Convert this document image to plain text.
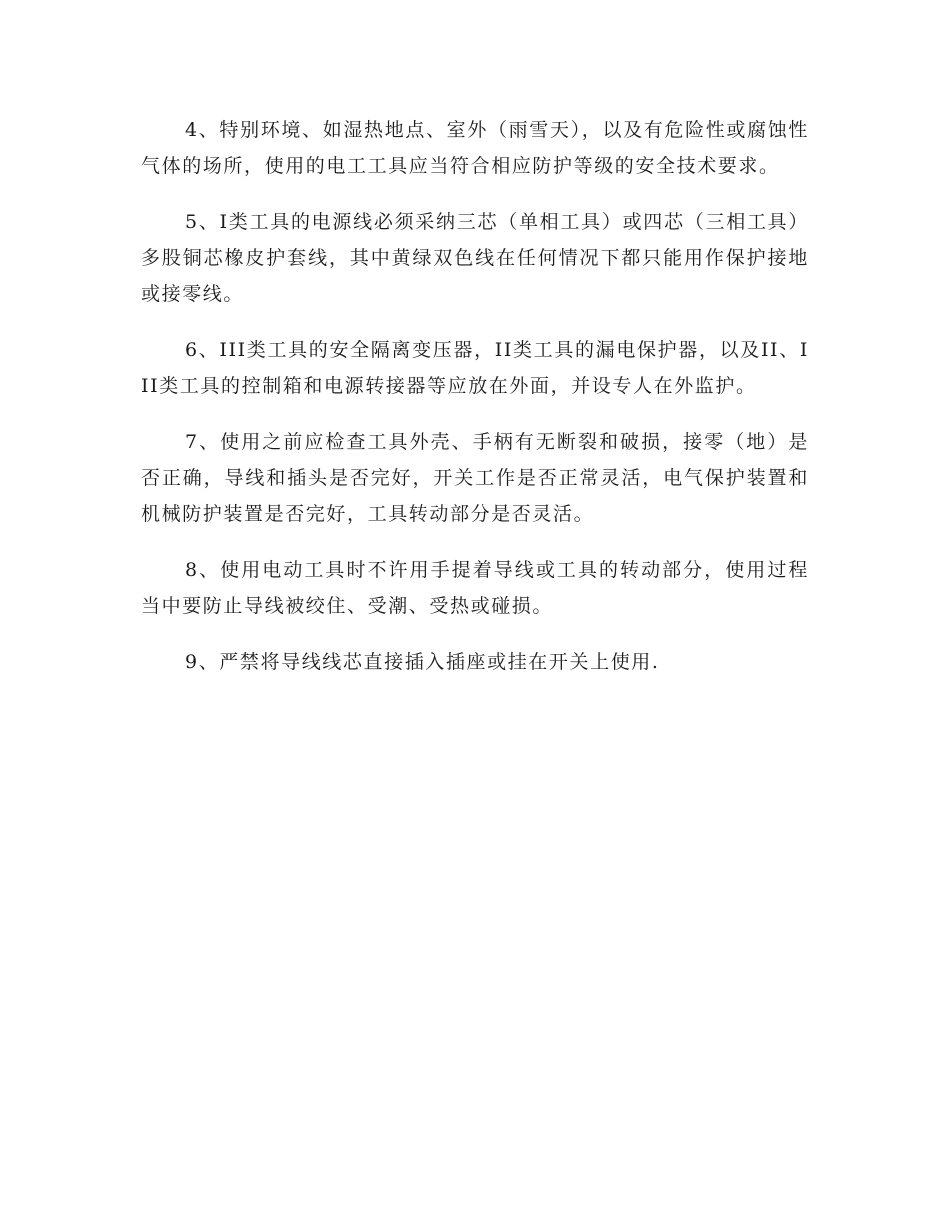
4、特别环境、如湿热地点、室外（雨雪天），以及有危险性或腐蚀性气体的场所，使用的电工工具应当符合相应防护等级的安全技术要求。

5、I类工具的电源线必须采纳三芯（单相工具）或四芯（三相工具）多股铜芯橡皮护套线，其中黄绿双色线在任何情况下都只能用作保护接地或接零线。

6、III类工具的安全隔离变压器，II类工具的漏电保护器，以及II、III类工具的控制箱和电源转接器等应放在外面，并设专人在外监护。

7、使用之前应检查工具外壳、手柄有无断裂和破损，接零（地）是否正确，导线和插头是否完好，开关工作是否正常灵活，电气保护装置和机械防护装置是否完好，工具转动部分是否灵活。

8、使用电动工具时不许用手提着导线或工具的转动部分，使用过程当中要防止导线被绞住、受潮、受热或碰损。

9、严禁将导线线芯直接插入插座或挂在开关上使用.
